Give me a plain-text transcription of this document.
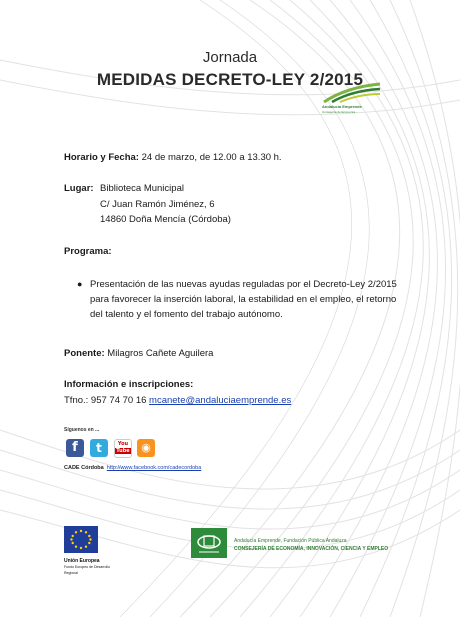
Jornada
MEDIDAS DECRETO-LEY 2/2015
Andalucía Emprende
Consejería de Economía...
Horario y Fecha: 24 de marzo, de 12.00 a 13.30 h.
Lugar: Biblioteca Municipal
C/ Juan Ramón Jiménez, 6
14860 Doña Mencía (Córdoba)
Programa:
● Presentación de las nuevas ayudas reguladas por el Decreto-Ley 2/2015 para favorecer la inserción laboral, la estabilidad en el empleo, el retorno del talento y el fomento del trabajo autónomo.
Ponente: Milagros Cañete Aguilera
Información e inscripciones:
Tfno.: 957 74 70 16 mcanete@andaluciaemprende.es
Síguenos en ...
f	t	You
Tube	◉
CADE Córdoba http://www.facebook.com/cadecordoba
Unión Europea
Fondo Europeo de Desarrollo Regional
Andalucía Emprende, Fundación Pública Andaluza
CONSEJERÍA DE ECONOMÍA, INNOVACIÓN, CIENCIA Y EMPLEO
